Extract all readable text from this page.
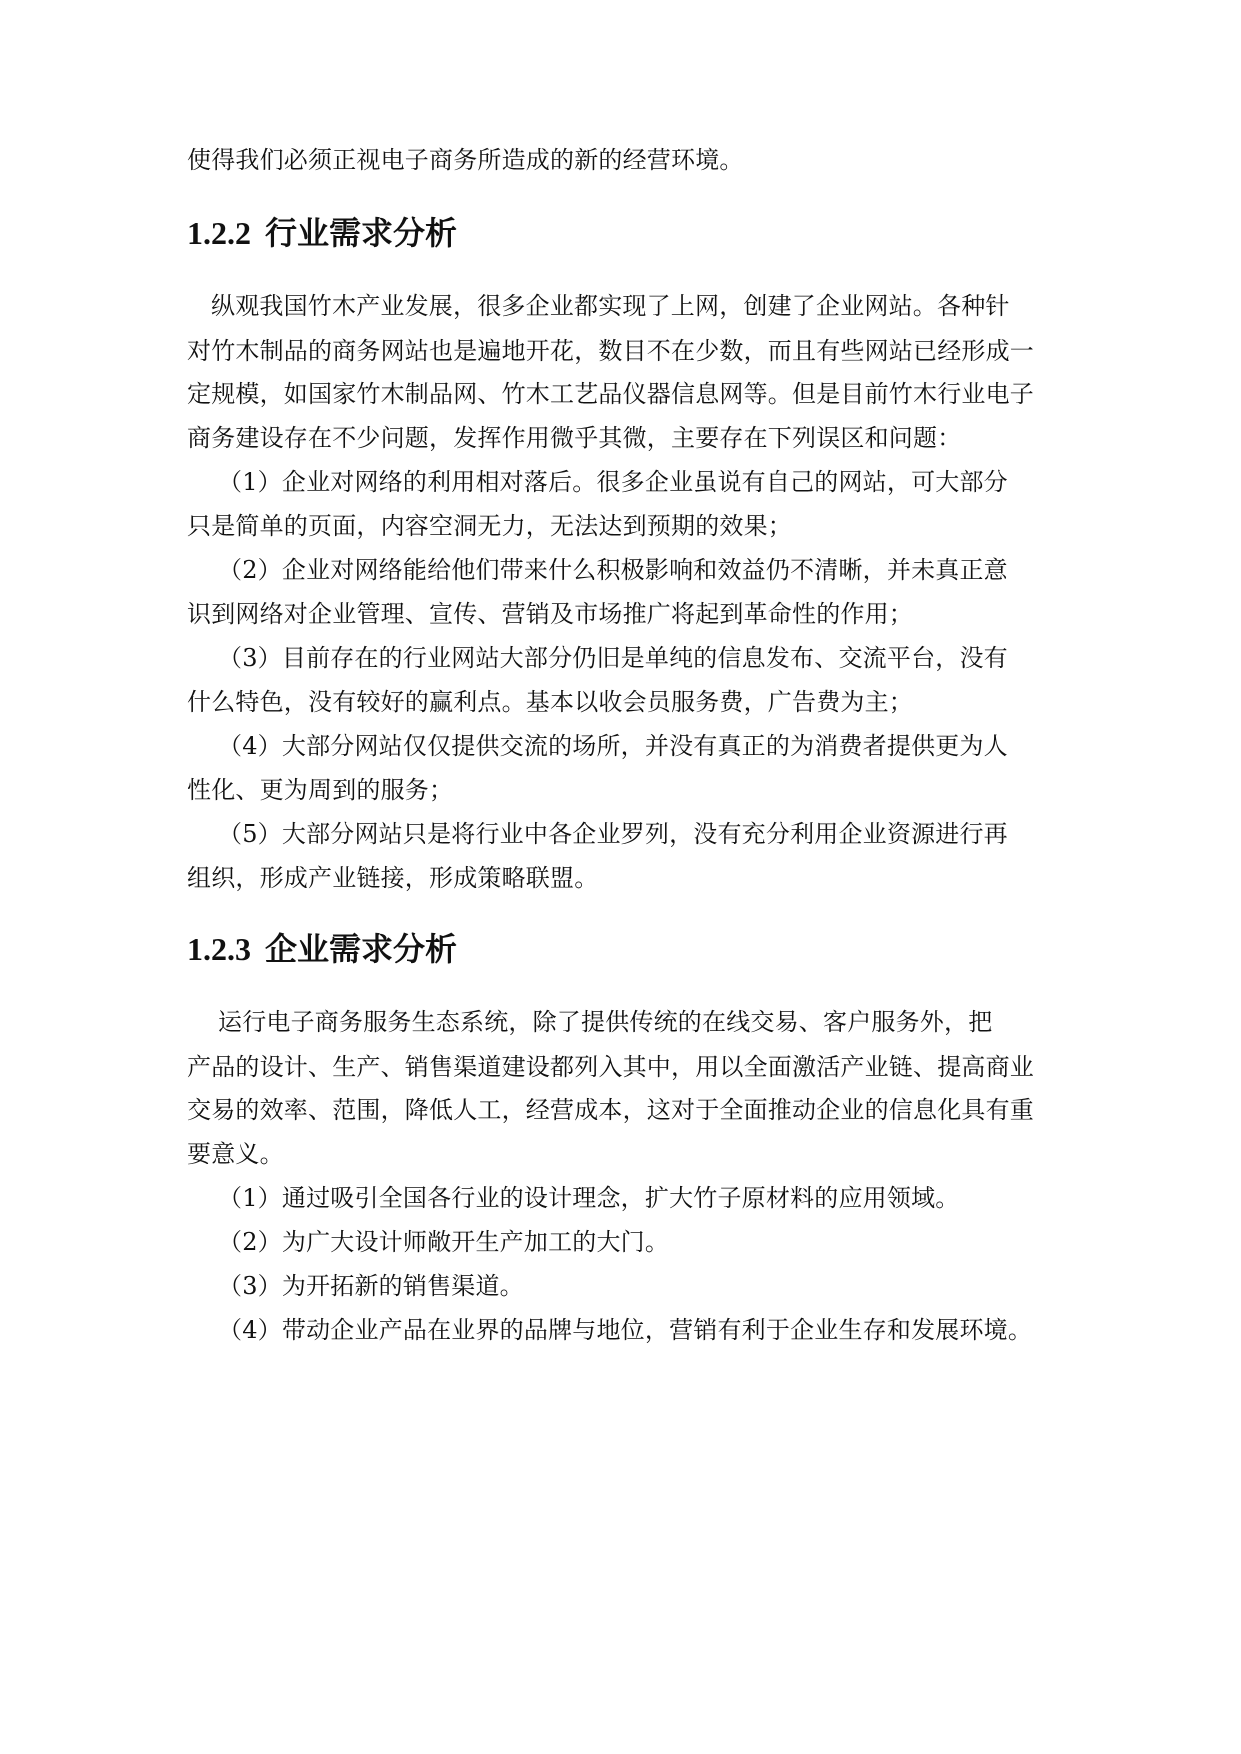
使得我们必须正视电子商务所造成的新的经营环境。
1.2.2 行业需求分析
纵观我国竹木产业发展，很多企业都实现了上网，创建了企业网站。各种针
对竹木制品的商务网站也是遍地开花，数目不在少数，而且有些网站已经形成一
定规模，如国家竹木制品网、竹木工艺品仪器信息网等。但是目前竹木行业电子
商务建设存在不少问题，发挥作用微乎其微，主要存在下列误区和问题：
（1）企业对网络的利用相对落后。很多企业虽说有自己的网站，可大部分
只是简单的页面，内容空洞无力，无法达到预期的效果；
（2）企业对网络能给他们带来什么积极影响和效益仍不清晰，并未真正意
识到网络对企业管理、宣传、营销及市场推广将起到革命性的作用；
（3）目前存在的行业网站大部分仍旧是单纯的信息发布、交流平台，没有
什么特色，没有较好的赢利点。基本以收会员服务费，广告费为主；
（4）大部分网站仅仅提供交流的场所，并没有真正的为消费者提供更为人
性化、更为周到的服务；
（5）大部分网站只是将行业中各企业罗列，没有充分利用企业资源进行再
组织，形成产业链接，形成策略联盟。
1.2.3 企业需求分析
运行电子商务服务生态系统，除了提供传统的在线交易、客户服务外，把
产品的设计、生产、销售渠道建设都列入其中，用以全面激活产业链、提高商业
交易的效率、范围，降低人工，经营成本，这对于全面推动企业的信息化具有重
要意义。
（1）通过吸引全国各行业的设计理念，扩大竹子原材料的应用领域。
（2）为广大设计师敞开生产加工的大门。
（3）为开拓新的销售渠道。
（4）带动企业产品在业界的品牌与地位，营销有利于企业生存和发展环境。
